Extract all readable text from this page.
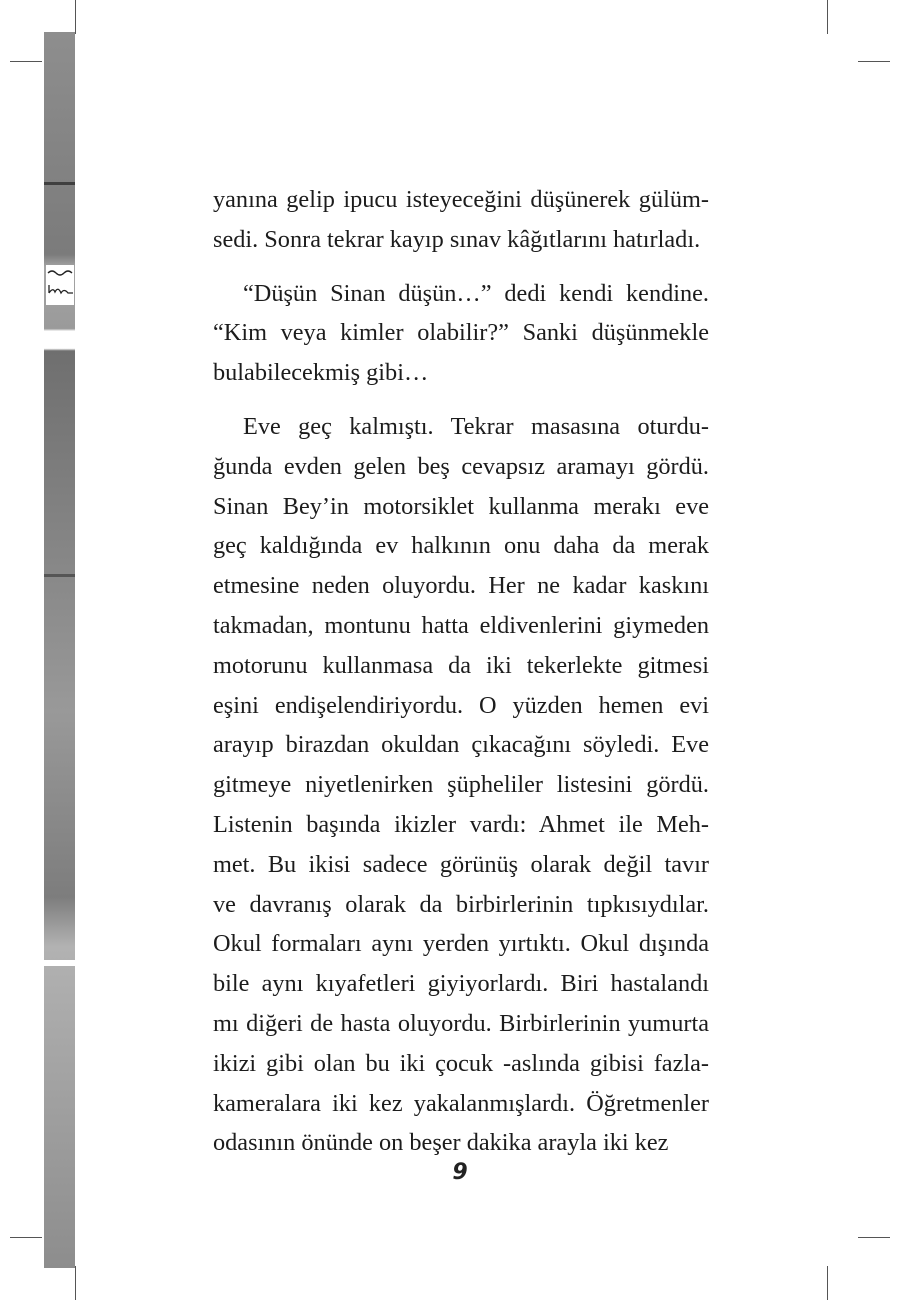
yanına gelip ipucu isteyeceğini düşünerek gülüm-
sedi. Sonra tekrar kayıp sınav kâğıtlarını hatırladı.

“Düşün Sinan düşün…” dedi kendi kendine.
“Kim veya kimler olabilir?” Sanki düşünmekle
bulabilecekmiş gibi…

Eve geç kalmıştı. Tekrar masasına oturdu-
ğunda evden gelen beş cevapsız aramayı gördü.
Sinan Bey’in motorsiklet kullanma merakı eve
geç kaldığında ev halkının onu daha da merak
etmesine neden oluyordu. Her ne kadar kaskını
takmadan, montunu hatta eldivenlerini giymeden
motorunu kullanmasa da iki tekerlekte gitmesi
eşini endişelendiriyordu. O yüzden hemen evi
arayıp birazdan okuldan çıkacağını söyledi. Eve
gitmeye niyetlenirken şüpheliler listesini gördü.
Listenin başında ikizler vardı: Ahmet ile Meh-
met. Bu ikisi sadece görünüş olarak değil tavır
ve davranış olarak da birbirlerinin tıpkısıydılar.
Okul formaları aynı yerden yırtıktı. Okul dışında
bile aynı kıyafetleri giyiyorlardı. Biri hastalandı
mı diğeri de hasta oluyordu. Birbirlerinin yumurta
ikizi gibi olan bu iki çocuk -aslında gibisi fazla-
kameralara iki kez yakalanmışlardı. Öğretmenler
odasının önünde on beşer dakika arayla iki kez

9
